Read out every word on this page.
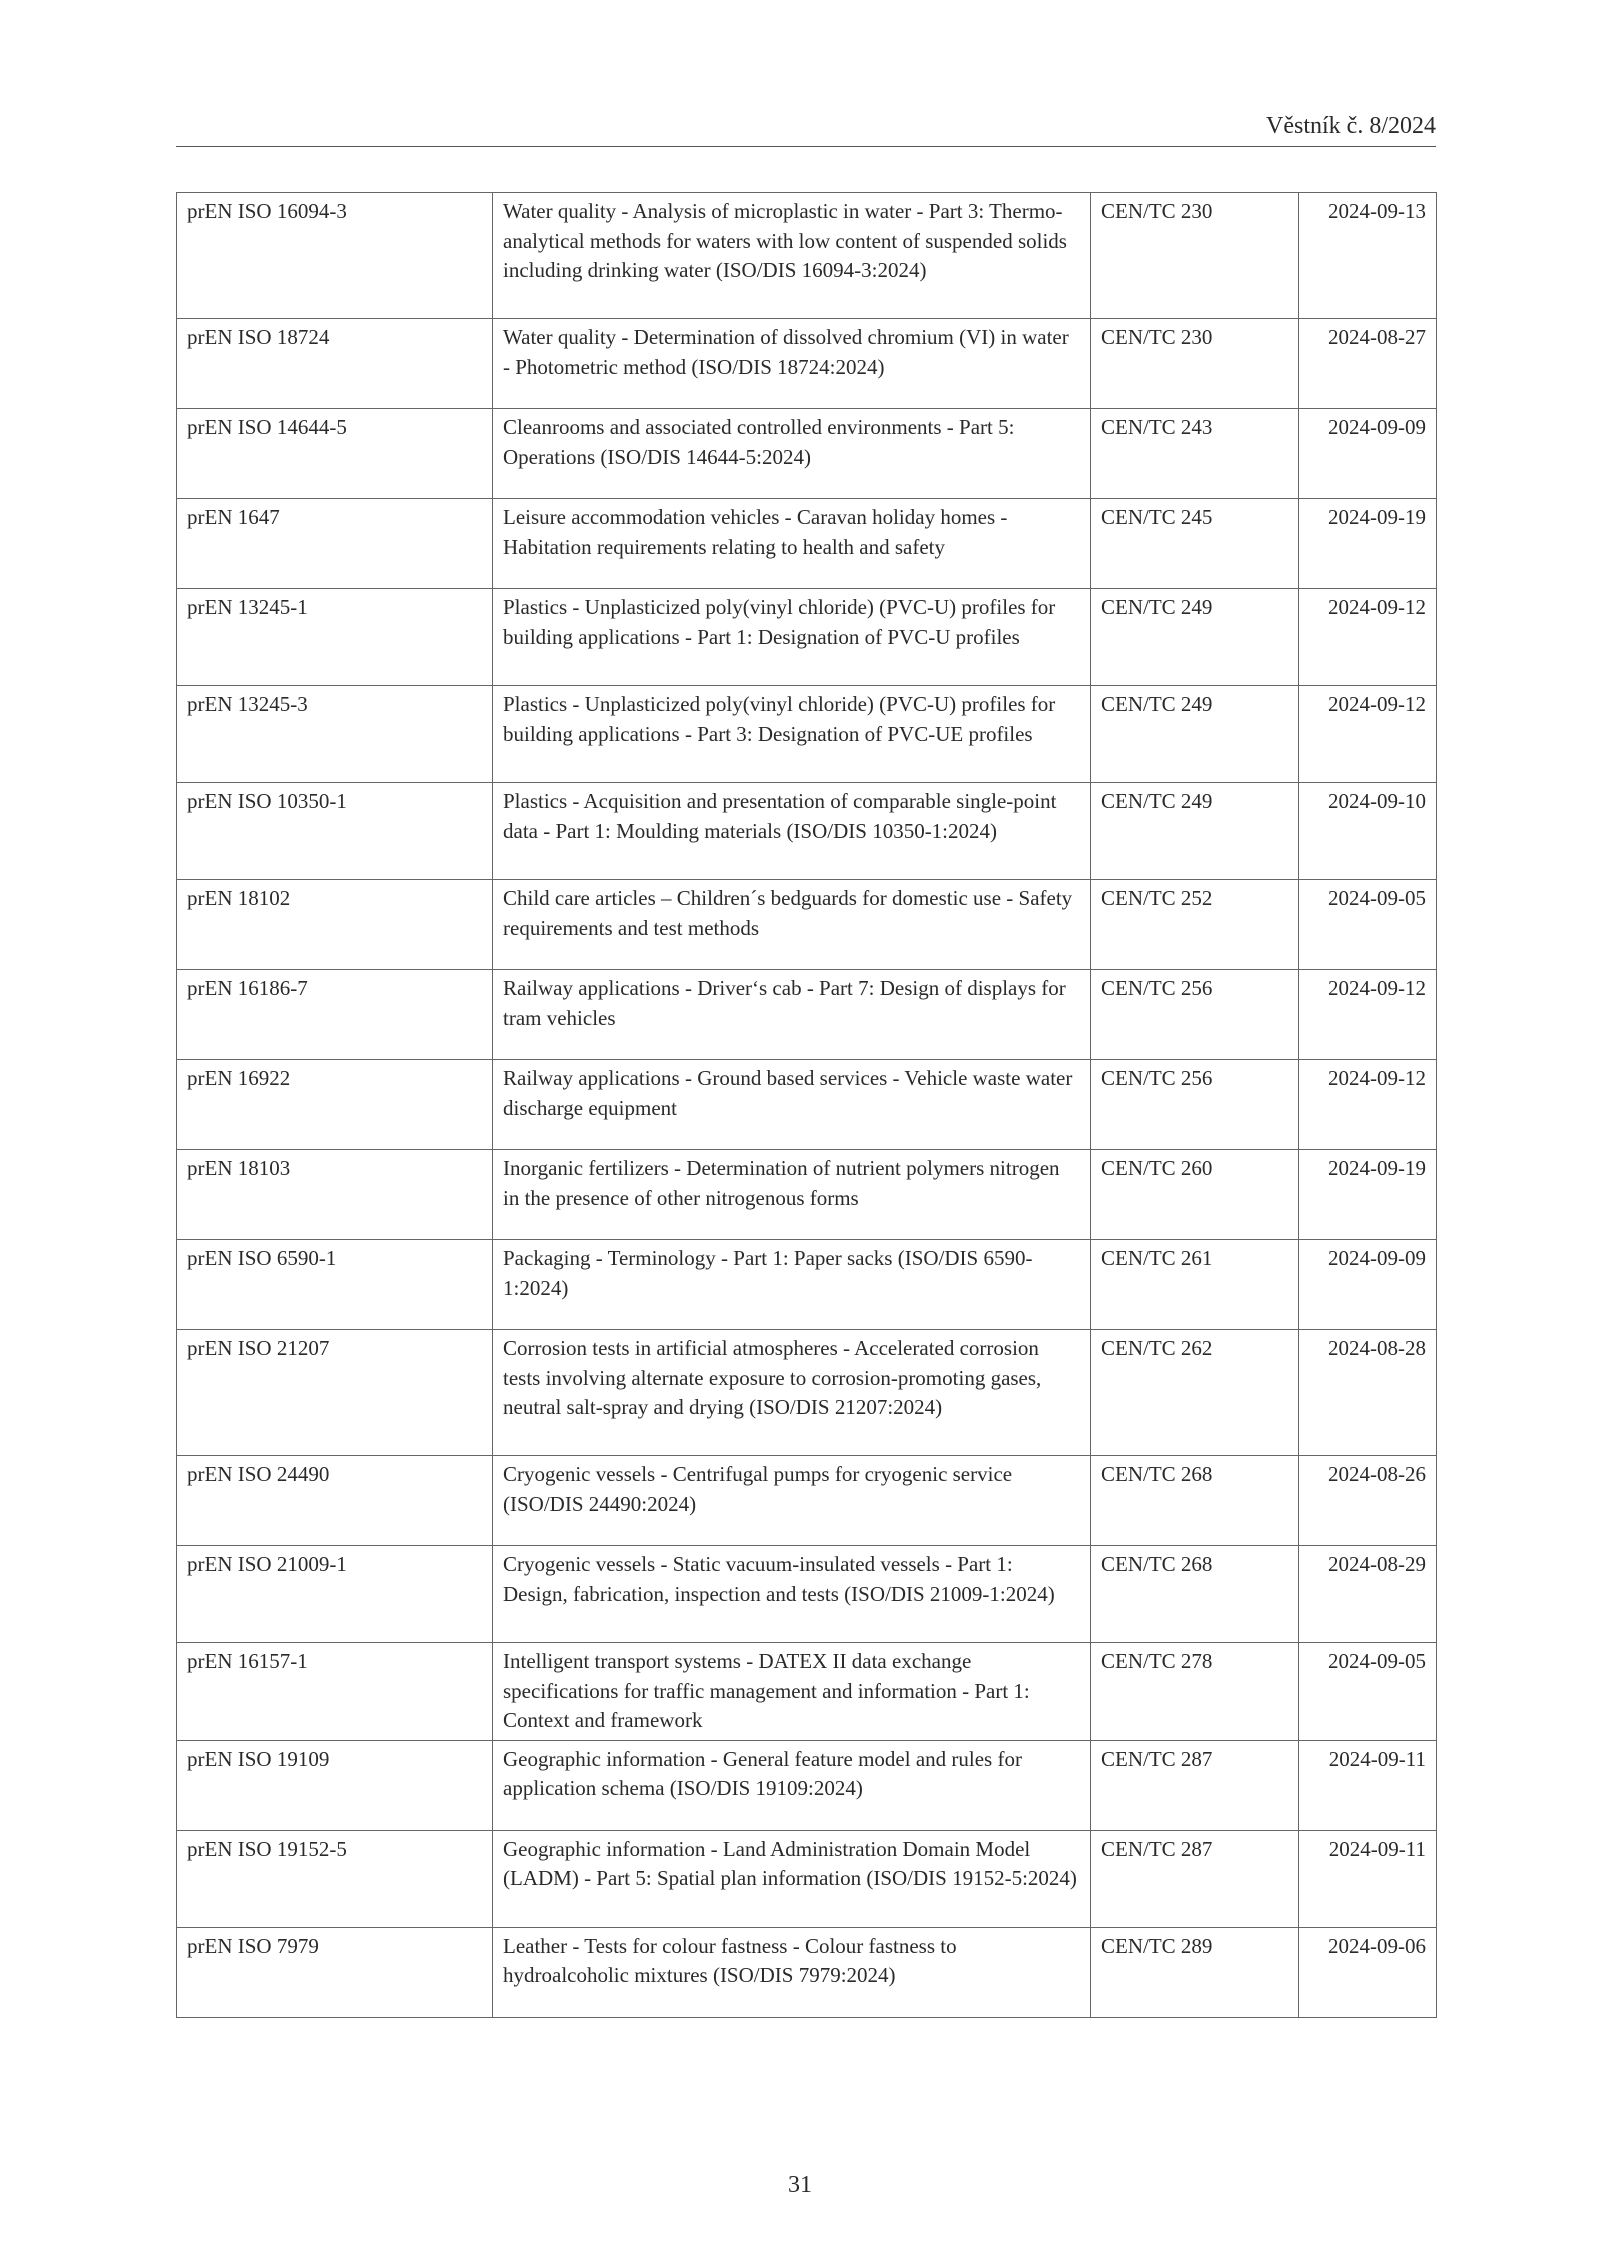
Věstník č. 8/2024
prEN ISO 16094-3	Water quality - Analysis of microplastic in water - Part 3: Thermo-analytical methods for waters with low content of suspended solids including drinking water (ISO/DIS 16094-3:2024)	CEN/TC 230	2024-09-13
prEN ISO 18724	Water quality - Determination of dissolved chromium (VI) in water - Photometric method (ISO/DIS 18724:2024)	CEN/TC 230	2024-08-27
prEN ISO 14644-5	Cleanrooms and associated controlled environments - Part 5: Operations (ISO/DIS 14644-5:2024)	CEN/TC 243	2024-09-09
prEN 1647	Leisure accommodation vehicles - Caravan holiday homes - Habitation requirements relating to health and safety	CEN/TC 245	2024-09-19
prEN 13245-1	Plastics - Unplasticized poly(vinyl chloride) (PVC-U) profiles for building applications - Part 1: Designation of PVC-U profiles	CEN/TC 249	2024-09-12
prEN 13245-3	Plastics - Unplasticized poly(vinyl chloride) (PVC-U) profiles for building applications - Part 3: Designation of PVC-UE profiles	CEN/TC 249	2024-09-12
prEN ISO 10350-1	Plastics - Acquisition and presentation of comparable single-point data - Part 1: Moulding materials (ISO/DIS 10350-1:2024)	CEN/TC 249	2024-09-10
prEN 18102	Child care articles – Children´s bedguards for domestic use - Safety requirements and test methods	CEN/TC 252	2024-09-05
prEN 16186-7	Railway applications - Driver‘s cab - Part 7: Design of displays for tram vehicles	CEN/TC 256	2024-09-12
prEN 16922	Railway applications - Ground based services - Vehicle waste water discharge equipment	CEN/TC 256	2024-09-12
prEN 18103	Inorganic fertilizers - Determination of nutrient polymers nitrogen in the presence of other nitrogenous forms	CEN/TC 260	2024-09-19
prEN ISO 6590-1	Packaging - Terminology - Part 1: Paper sacks (ISO/DIS 6590-1:2024)	CEN/TC 261	2024-09-09
prEN ISO 21207	Corrosion tests in artificial atmospheres - Accelerated corrosion tests involving alternate exposure to corrosion-promoting gases, neutral salt-spray and drying (ISO/DIS 21207:2024)	CEN/TC 262	2024-08-28
prEN ISO 24490	Cryogenic vessels - Centrifugal pumps for cryogenic service (ISO/DIS 24490:2024)	CEN/TC 268	2024-08-26
prEN ISO 21009-1	Cryogenic vessels - Static vacuum-insulated vessels - Part 1: Design, fabrication, inspection and tests (ISO/DIS 21009-1:2024)	CEN/TC 268	2024-08-29
prEN 16157-1	Intelligent transport systems - DATEX II data exchange specifications for traffic management and information - Part 1: Context and framework	CEN/TC 278	2024-09-05
prEN ISO 19109	Geographic information - General feature model and rules for application schema (ISO/DIS 19109:2024)	CEN/TC 287	2024-09-11
prEN ISO 19152-5	Geographic information - Land Administration Domain Model (LADM) - Part 5: Spatial plan information (ISO/DIS 19152-5:2024)	CEN/TC 287	2024-09-11
prEN ISO 7979	Leather - Tests for colour fastness - Colour fastness to hydroalcoholic mixtures (ISO/DIS 7979:2024)	CEN/TC 289	2024-09-06
31
